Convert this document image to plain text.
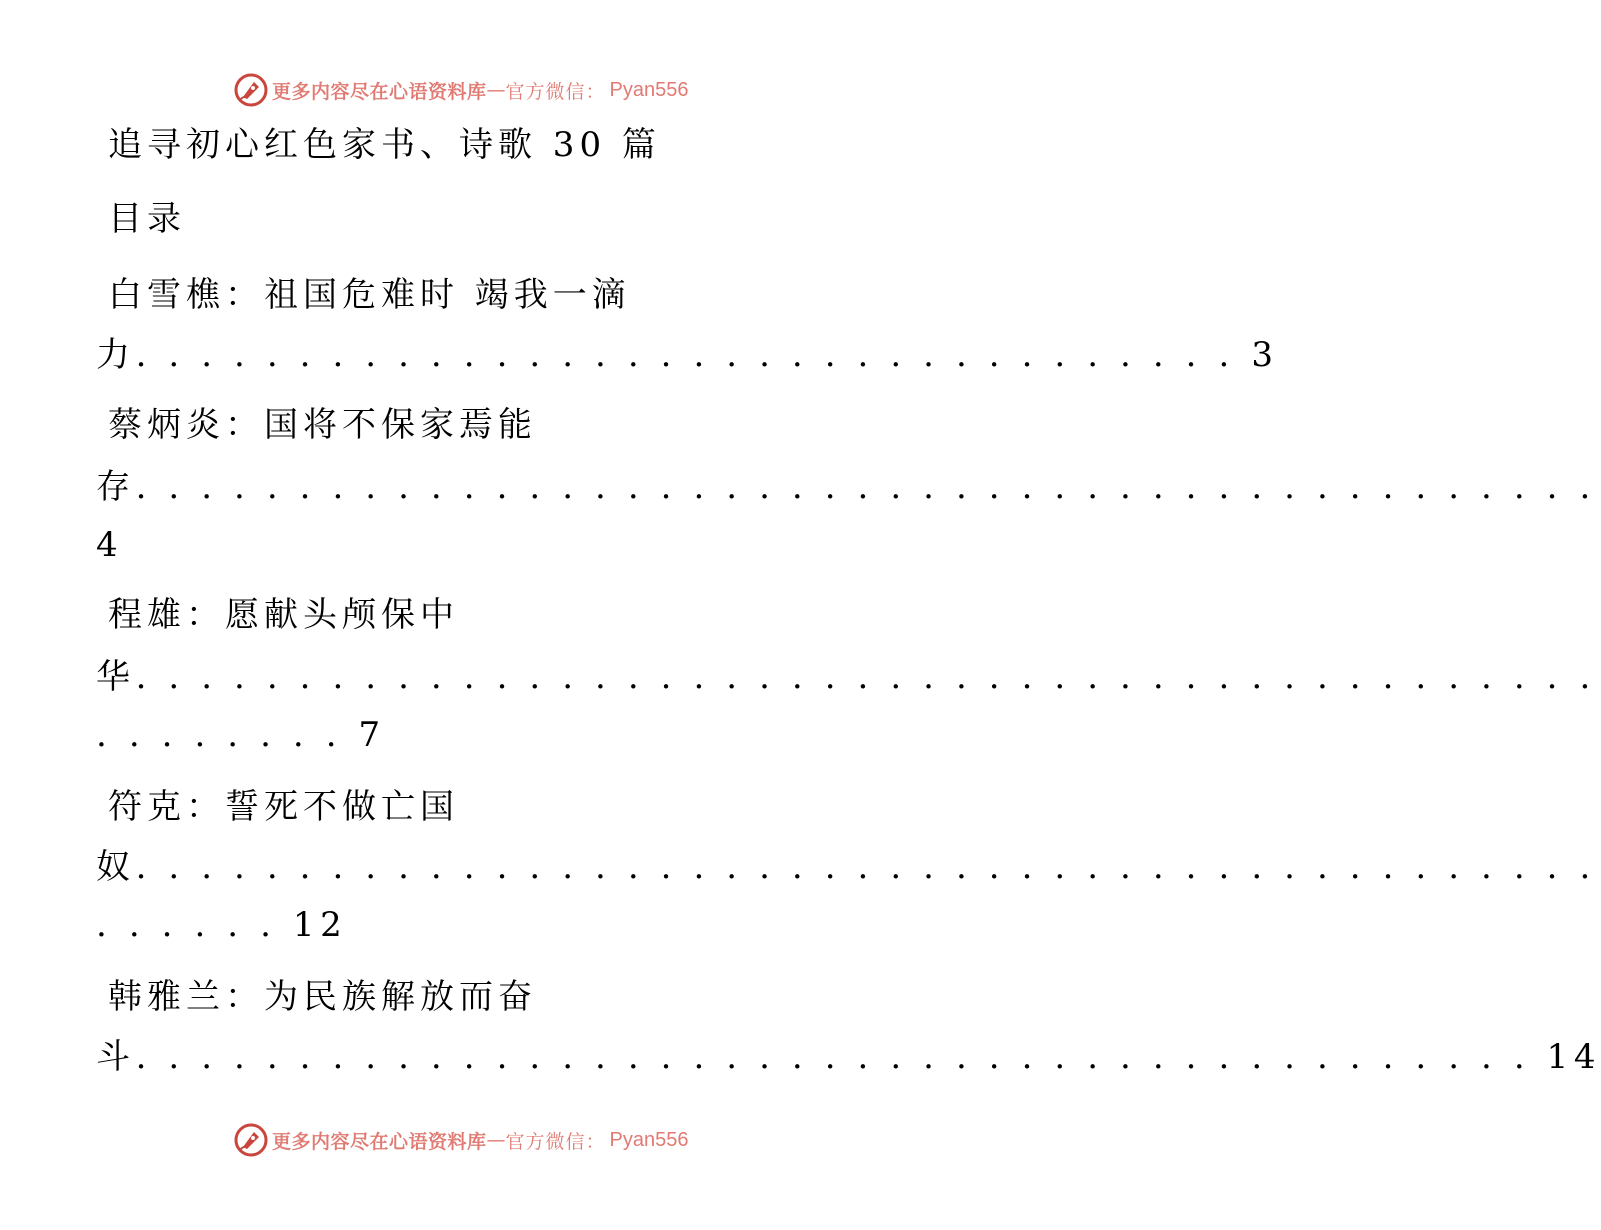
更多内容尽在心语资料库 — 官方微信： Pyan556
追寻初心红色家书、诗歌 30 篇
目录
白雪樵：祖国危难时 竭我一滴
力. . . . . . . . . . . . . . . . . . . . . . . . . . . . . . . . . . 3
蔡炳炎：国将不保家焉能
存. . . . . . . . . . . . . . . . . . . . . . . . . . . . . . . . . . . . . . . . . . . . .
4
程雄：愿献头颅保中
华. . . . . . . . . . . . . . . . . . . . . . . . . . . . . . . . . . . . . . . . . . . . .
. . . . . . . . 7
符克：誓死不做亡国
奴. . . . . . . . . . . . . . . . . . . . . . . . . . . . . . . . . . . . . . . . . . . . .
. . . . . . 12
韩雅兰：为民族解放而奋
斗. . . . . . . . . . . . . . . . . . . . . . . . . . . . . . . . . . . . . . . . . . . 14
更多内容尽在心语资料库 — 官方微信： Pyan556
